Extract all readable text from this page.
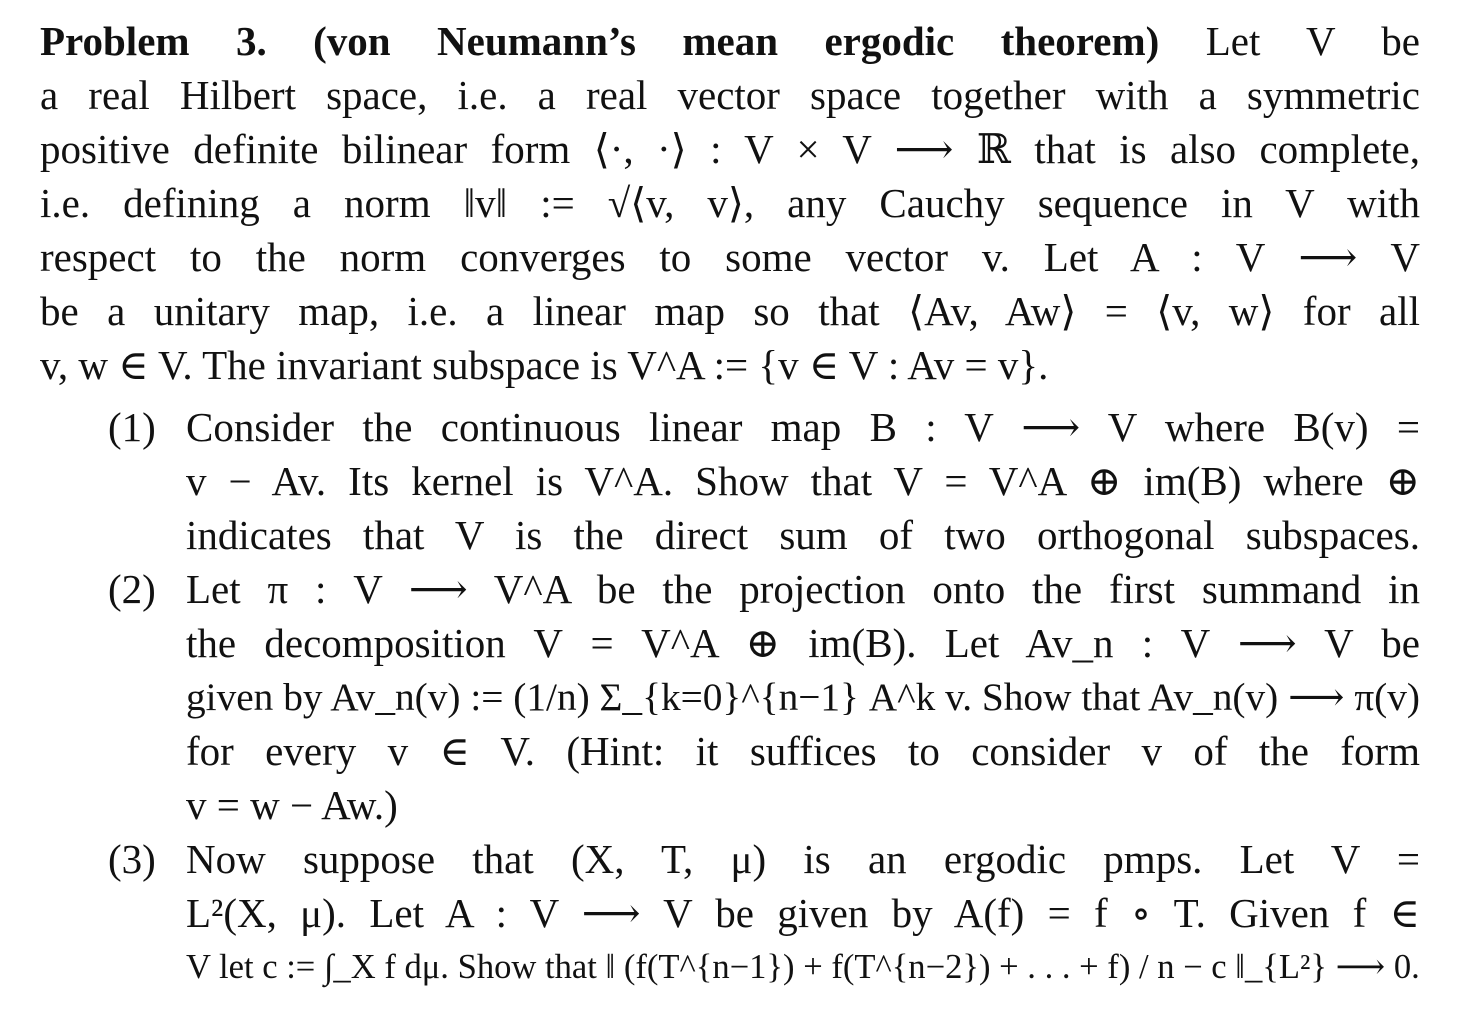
Problem 3. (von Neumann’s mean ergodic theorem) Let V be
a real Hilbert space, i.e. a real vector space together with a symmetric
positive definite bilinear form ⟨·, ·⟩ : V × V ⟶ ℝ that is also complete,
i.e. defining a norm ‖v‖ := √⟨v, v⟩, any Cauchy sequence in V with
respect to the norm converges to some vector v. Let A : V ⟶ V
be a unitary map, i.e. a linear map so that ⟨Av, Aw⟩ = ⟨v, w⟩ for all
v, w ∈ V. The invariant subspace is V^A := {v ∈ V : Av = v}.
(1) Consider the continuous linear map B : V ⟶ V where B(v) =
v − Av. Its kernel is V^A. Show that V = V^A ⊕ im(B) where ⊕
indicates that V is the direct sum of two orthogonal subspaces.
(2) Let π : V ⟶ V^A be the projection onto the first summand in
the decomposition V = V^A ⊕ im(B). Let Av_n : V ⟶ V be
given by Av_n(v) := (1/n) Σ_{k=0}^{n−1} A^k v. Show that Av_n(v) ⟶ π(v)
for every v ∈ V. (Hint: it suffices to consider v of the form
v = w − Aw.)
(3) Now suppose that (X, T, μ) is an ergodic pmps. Let V =
L²(X, μ). Let A : V ⟶ V be given by A(f) = f ∘ T. Given f ∈
V let c := ∫_X f dμ. Show that ‖ (f(T^{n−1}) + f(T^{n−2}) + . . . + f) / n − c ‖_{L²} ⟶ 0.
